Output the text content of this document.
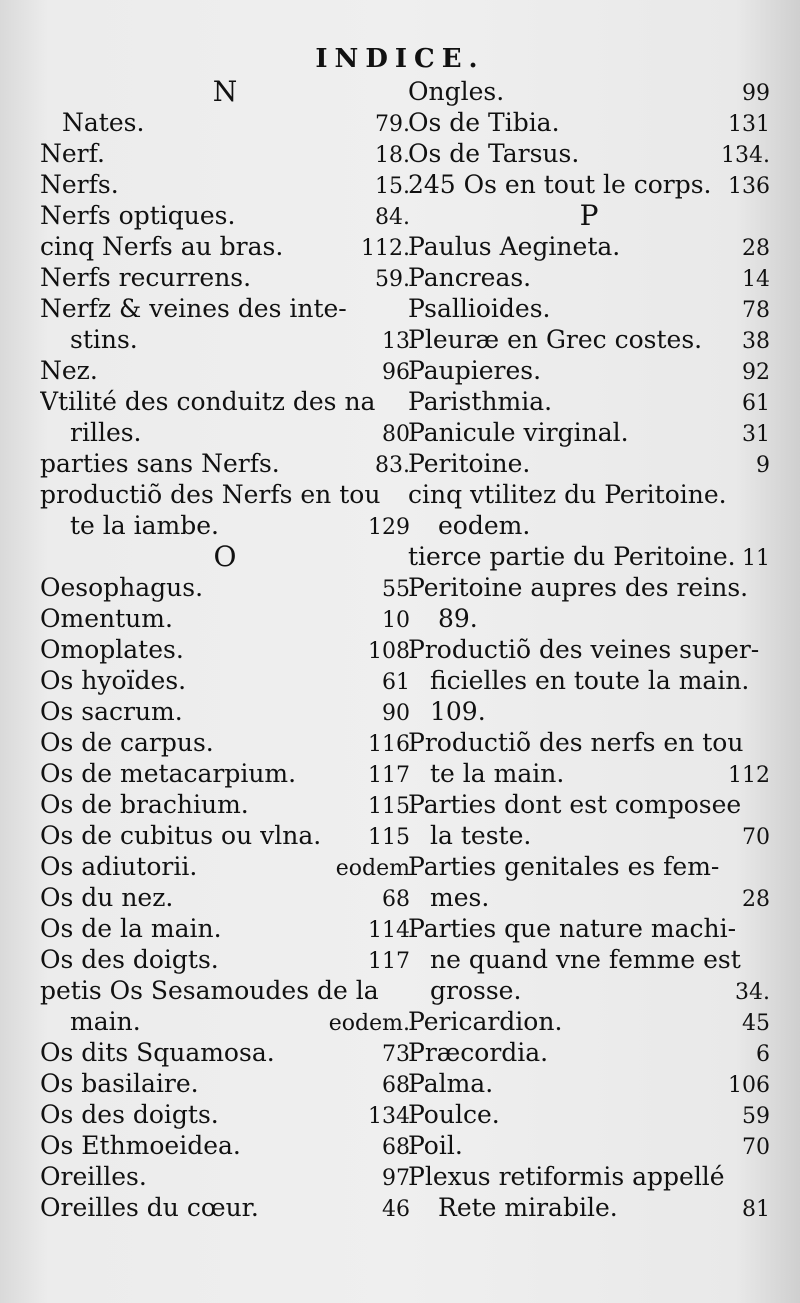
INDICE.
N
Nates.	79.
Nerf.	18.
Nerfs.	15.
Nerfs optiques.	84.
cinq Nerfs au bras.	112.
Nerfs recurrens.	59.
Nerfz & veines des inte-
stins.	13
Nez.	96
Vtilité des conduitz des na
rilles.	80
parties sans Nerfs.	83.
productiõ des Nerfs en tou
te la iambe.	129
O
Oesophagus.	55
Omentum.	10
Omoplates.	108
Os hyoïdes.	61
Os sacrum.	90
Os de carpus.	116
Os de metacarpium.	117
Os de brachium.	115
Os de cubitus ou vlna.	115
Os adiutorii.	eodem
Os du nez.	68
Os de la main.	114
Os des doigts.	117
petis Os Sesamoudes de la
main.	eodem.
Os dits Squamosa.	73
Os basilaire.	68
Os des doigts.	134
Os Ethmoeidea.	68
Oreilles.	97
Oreilles du cœur.	46
Ongles.	99
Os de Tibia.	131
Os de Tarsus.	134.
245 Os en tout le corps. 136
P
Paulus Aegineta.	28
Pancreas.	14
Psallioides.	78
Pleuræ en Grec costes.	38
Paupieres.	92
Paristhmia.	61
Panicule virginal.	31
Peritoine.	9
cinq vtilitez du Peritoine.
eodem.
tierce partie du Peritoine. 11
Peritoine aupres des reins.
89.
Productiõ des veines super-
ficielles en toute la main.
109.
Productiõ des nerfs en tou
te la main.	112
Parties dont est composee
la teste.	70
Parties genitales es fem-
mes.	28
Parties que nature machi-
ne quand vne femme est
grosse.	34.
Pericardion.	45
Præcordia.	6
Palma.	106
Poulce.	59
Poil.	70
Plexus retiformis appellé
Rete mirabile.	81
